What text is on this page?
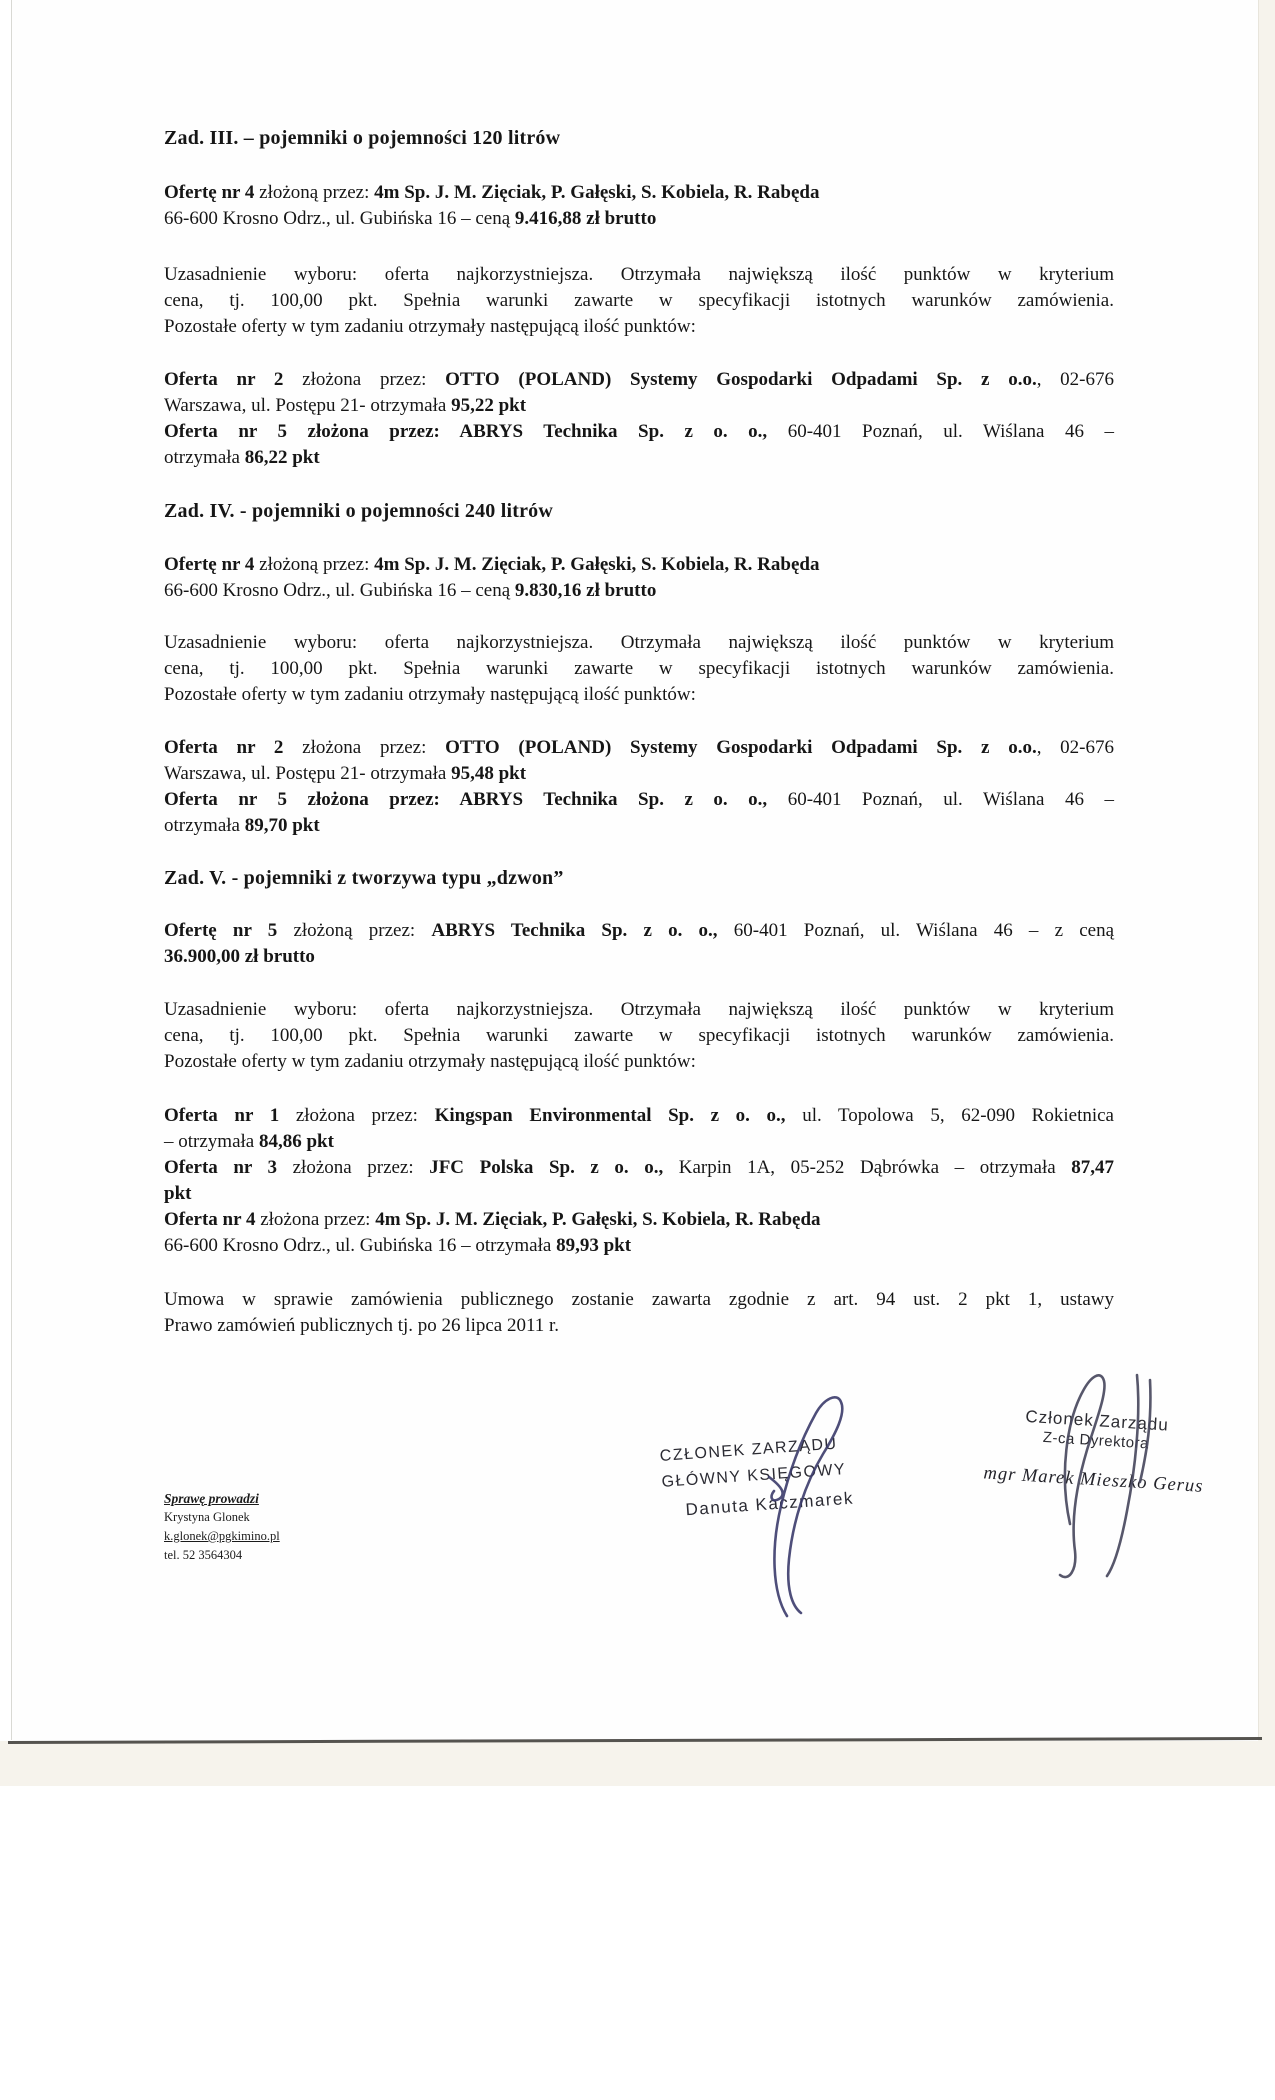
Zad. III. – pojemniki o pojemności 120 litrów
Ofertę nr 4 złożoną przez: 4m Sp. J. M. Zięciak, P. Gałęski, S. Kobiela, R. Rabęda
66-600 Krosno Odrz., ul. Gubińska 16 – ceną 9.416,88 zł brutto
Uzasadnienie wyboru: oferta najkorzystniejsza. Otrzymała największą ilość punktów w kryterium
cena, tj. 100,00 pkt. Spełnia warunki zawarte w specyfikacji istotnych warunków zamówienia.
Pozostałe oferty w tym zadaniu otrzymały następującą ilość punktów:
Oferta nr 2 złożona przez: OTTO (POLAND) Systemy Gospodarki Odpadami Sp. z o.o., 02-676
Warszawa, ul. Postępu 21- otrzymała 95,22 pkt
Oferta nr 5 złożona przez: ABRYS Technika Sp. z o. o., 60-401 Poznań, ul. Wiślana 46 –
otrzymała 86,22 pkt
Zad. IV. - pojemniki o pojemności 240 litrów
Ofertę nr 4 złożoną przez: 4m Sp. J. M. Zięciak, P. Gałęski, S. Kobiela, R. Rabęda
66-600 Krosno Odrz., ul. Gubińska 16 – ceną 9.830,16 zł brutto
Uzasadnienie wyboru: oferta najkorzystniejsza. Otrzymała największą ilość punktów w kryterium
cena, tj. 100,00 pkt. Spełnia warunki zawarte w specyfikacji istotnych warunków zamówienia.
Pozostałe oferty w tym zadaniu otrzymały następującą ilość punktów:
Oferta nr 2 złożona przez: OTTO (POLAND) Systemy Gospodarki Odpadami Sp. z o.o., 02-676
Warszawa, ul. Postępu 21- otrzymała 95,48 pkt
Oferta nr 5 złożona przez: ABRYS Technika Sp. z o. o., 60-401 Poznań, ul. Wiślana 46 –
otrzymała 89,70 pkt
Zad. V. - pojemniki z tworzywa typu „dzwon”
Ofertę nr 5 złożoną przez: ABRYS Technika Sp. z o. o., 60-401 Poznań, ul. Wiślana 46 – z ceną
36.900,00 zł brutto
Uzasadnienie wyboru: oferta najkorzystniejsza. Otrzymała największą ilość punktów w kryterium
cena, tj. 100,00 pkt. Spełnia warunki zawarte w specyfikacji istotnych warunków zamówienia.
Pozostałe oferty w tym zadaniu otrzymały następującą ilość punktów:
Oferta nr 1 złożona przez: Kingspan Environmental Sp. z o. o., ul. Topolowa 5, 62-090 Rokietnica
– otrzymała 84,86 pkt
Oferta nr 3 złożona przez: JFC Polska Sp. z o. o., Karpin 1A, 05-252 Dąbrówka – otrzymała 87,47
pkt
Oferta nr 4 złożona przez: 4m Sp. J. M. Zięciak, P. Gałęski, S. Kobiela, R. Rabęda
66-600 Krosno Odrz., ul. Gubińska 16 – otrzymała 89,93 pkt
Umowa w sprawie zamówienia publicznego zostanie zawarta zgodnie z art. 94 ust. 2 pkt 1, ustawy
Prawo zamówień publicznych tj. po 26 lipca 2011 r.
Sprawę prowadzi
Krystyna Glonek
k.glonek@pgkimino.pl
tel. 52 3564304
CZŁONEK ZARZĄDU
GŁÓWNY KSIĘGOWY
Danuta Kaczmarek
Członek Zarządu
Z-ca Dyrektora
mgr Marek Mieszko Gerus
